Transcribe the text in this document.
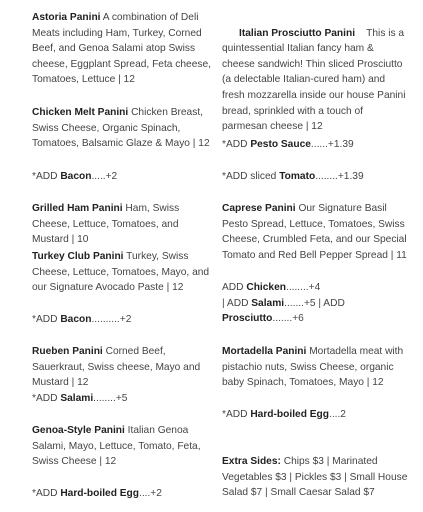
Astoria Panini A combination of Deli Meats including Ham, Turkey, Corned Beef, and Genoa Salami atop Swiss cheese, Eggplant Spread, Feta cheese, Tomatoes, Lettuce | 12

Chicken Melt Panini Chicken Breast, Swiss Cheese, Organic Spinach, Tomatoes, Balsamic Glaze & Mayo | 12

*ADD Bacon.....+2

Grilled Ham Panini Ham, Swiss Cheese, Lettuce, Tomatoes, and Mustard | 10

Turkey Club Panini Turkey, Swiss Cheese, Lettuce, Tomatoes, Mayo, and our Signature Avocado Paste | 12

*ADD Bacon..........+2

Rueben Panini Corned Beef, Sauerkraut, Swiss cheese, Mayo and Mustard | 12

*ADD Salami........+5

Genoa-Style Panini Italian Genoa Salami, Mayo, Lettuce, Tomato, Feta, Swiss Cheese | 12

*ADD Hard-boiled Egg....+2

Italian Prosciutto Panini    This is a quintessential Italian fancy ham & cheese sandwich! Thin sliced Prosciutto (a delectable Italian-cured ham) and fresh mozzarella inside our house Panini bread, sprinkled with a touch of parmesan cheese | 12

*ADD Pesto Sauce......+1.39

*ADD sliced Tomato........+1.39

Caprese Panini Our Signature Basil Pesto Spread, Lettuce, Tomatoes, Swiss Cheese, Crumbled Feta, and our Special Tomato and Red Bell Pepper Spread | 11

ADD Chicken........+4
| ADD Salami.......+5 | ADD
Prosciutto.......+6

Mortadella Panini Mortadella meat with pistachio nuts, Swiss Cheese, organic baby Spinach, Tomatoes, Mayo | 12

*ADD Hard-boiled Egg....2

Extra Sides: Chips $3 | Marinated Vegetables $3 | Pickles $3 | Small House Salad $7 | Small Caesar Salad $7
